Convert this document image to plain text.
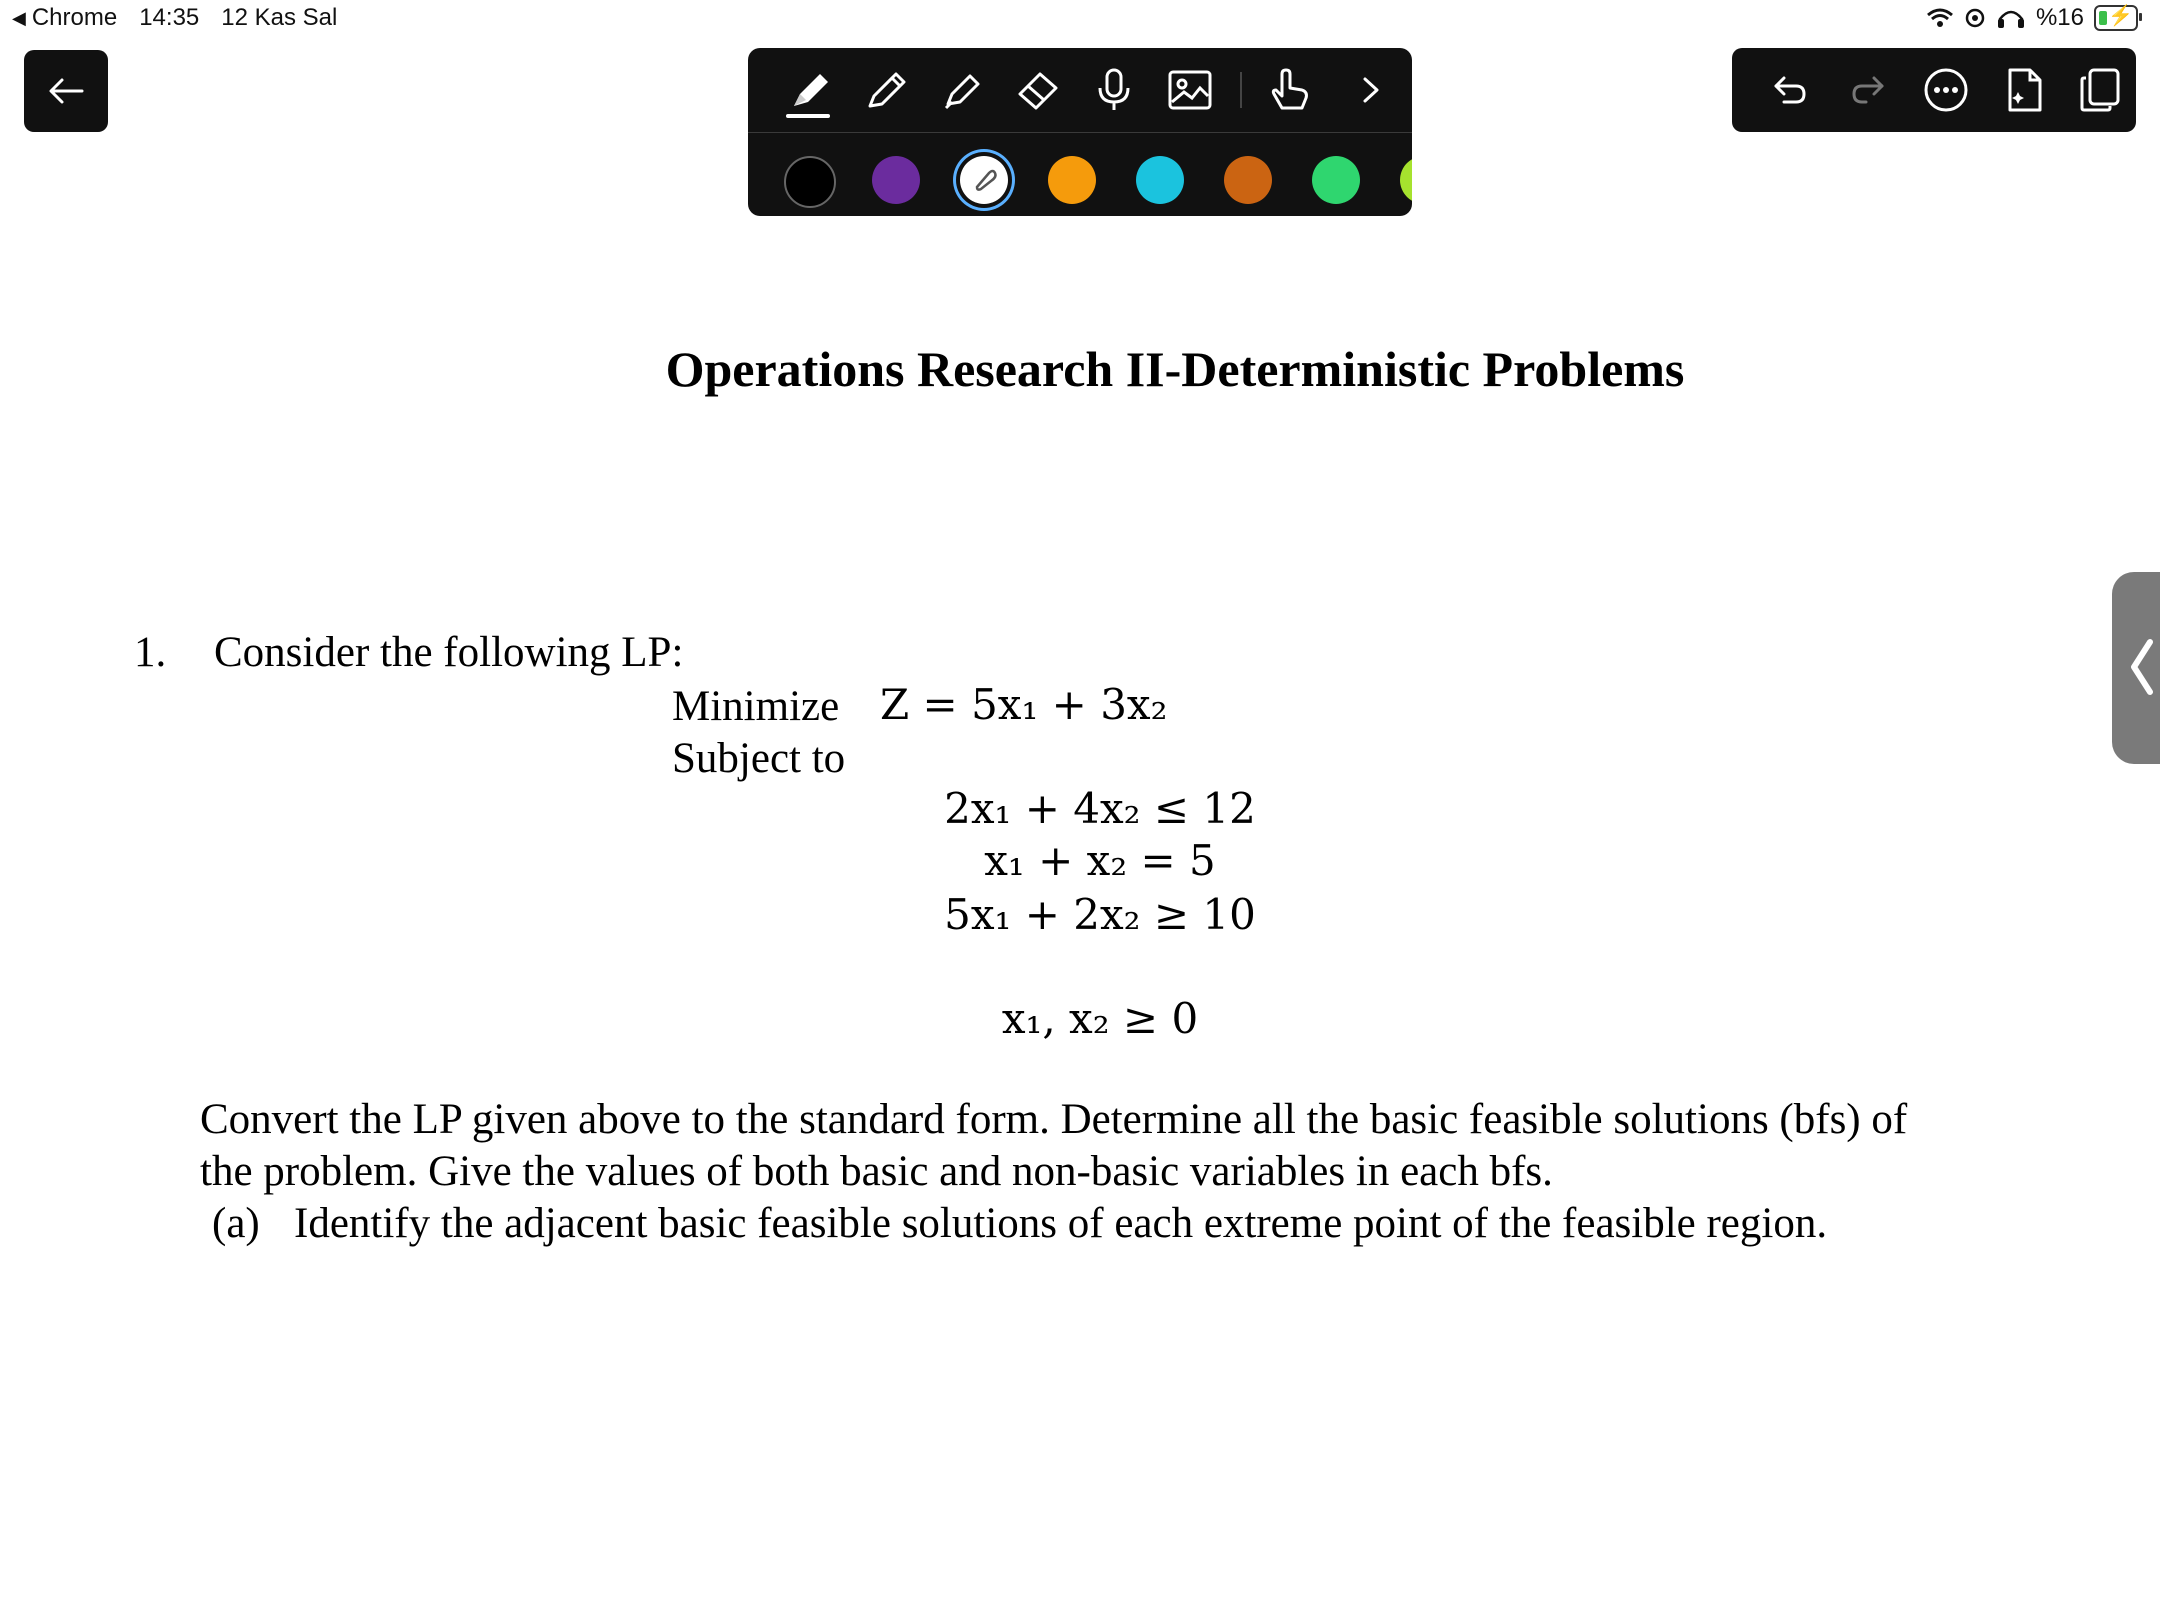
◀ Chrome 14:35 12 Kas Sal	%16 ⚡
Operations Research II-Deterministic Problems
1. Consider the following LP:
Minimize Z = 5x₁ + 3x₂
Subject to
2x₁ + 4x₂ ≤ 12
x₁ + x₂ = 5
5x₁ + 2x₂ ≥ 10
x₁, x₂ ≥ 0
Convert the LP given above to the standard form. Determine all the basic feasible solutions (bfs) of
the problem. Give the values of both basic and non-basic variables in each bfs.
(a) Identify the adjacent basic feasible solutions of each extreme point of the feasible region.
